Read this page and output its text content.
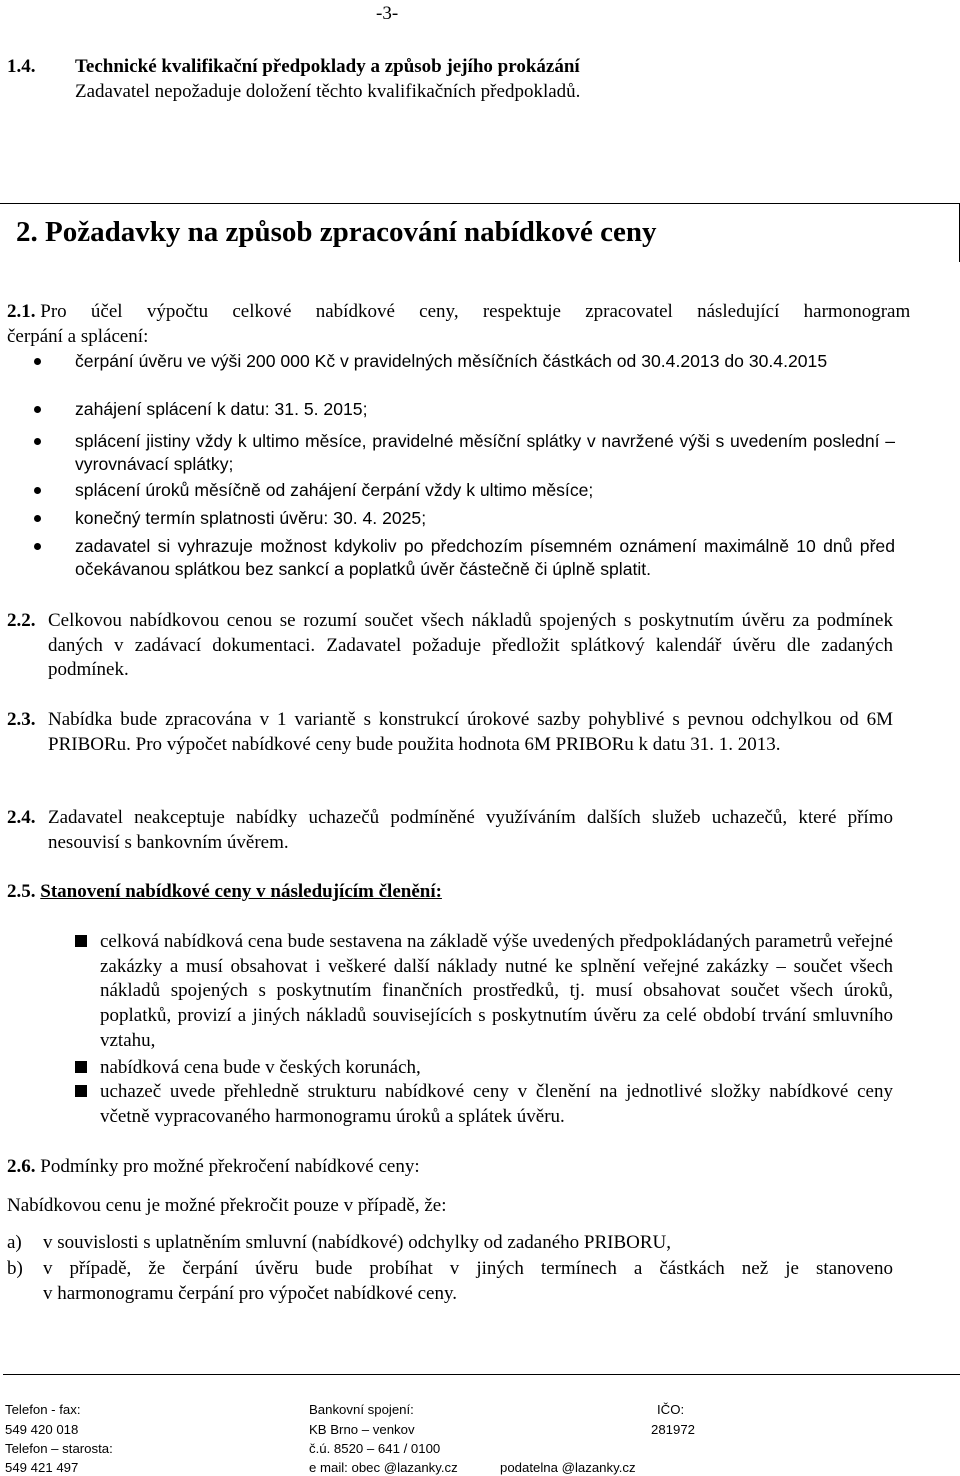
-3-
1.4. Technické kvalifikační předpoklady a způsob jejího prokázání
Zadavatel nepožaduje doložení těchto kvalifikačních předpokladů.
2. Požadavky na způsob zpracování nabídkové ceny
2.1. Pro účel výpočtu celkové nabídkové ceny, respektuje zpracovatel následující harmonogram
čerpání a splácení:
čerpání úvěru ve výši 200 000 Kč v pravidelných měsíčních částkách od 30.4.2013 do 30.4.2015
zahájení splácení k datu: 31. 5. 2015;
splácení jistiny vždy k ultimo měsíce, pravidelné měsíční splátky v navržené výši s uvedením poslední – vyrovnávací splátky;
splácení úroků měsíčně od zahájení čerpání vždy k ultimo měsíce;
konečný termín splatnosti úvěru: 30. 4. 2025;
zadavatel si vyhrazuje možnost kdykoliv po předchozím písemném oznámení maximálně 10 dnů před očekávanou splátkou bez sankcí a poplatků úvěr částečně či úplně splatit.
2.2. Celkovou nabídkovou cenou se rozumí součet všech nákladů spojených s poskytnutím úvěru za podmínek daných v zadávací dokumentaci. Zadavatel požaduje předložit splátkový kalendář úvěru dle zadaných podmínek.
2.3. Nabídka bude zpracována v 1 variantě s konstrukcí úrokové sazby pohyblivé s pevnou odchylkou od 6M PRIBORu. Pro výpočet nabídkové ceny bude použita hodnota 6M PRIBORu k datu 31. 1. 2013.
2.4. Zadavatel neakceptuje nabídky uchazečů podmíněné využíváním dalších služeb uchazečů, které přímo nesouvisí s bankovním úvěrem.
2.5. Stanovení nabídkové ceny v následujícím členění:
celková nabídková cena bude sestavena na základě výše uvedených předpokládaných parametrů veřejné zakázky a musí obsahovat i veškeré další náklady nutné ke splnění veřejné zakázky – součet všech nákladů spojených s poskytnutím finančních prostředků, tj. musí obsahovat součet všech úroků, poplatků, provizí a jiných nákladů souvisejících s poskytnutím úvěru za celé období trvání smluvního vztahu,
nabídková cena bude v českých korunách,
uchazeč uvede přehledně strukturu nabídkové ceny v členění na jednotlivé složky nabídkové ceny včetně vypracovaného harmonogramu úroků a splátek úvěru.
2.6. Podmínky pro možné překročení nabídkové ceny:
Nabídkovou cenu je možné překročit pouze v případě, že:
a) v souvislosti s uplatněním smluvní (nabídkové) odchylky od zadaného PRIBORU,
b) v případě, že čerpání úvěru bude probíhat v jiných termínech a částkách než je stanoveno
v harmonogramu čerpání pro výpočet nabídkové ceny.
Telefon - fax:
549 420 018
Telefon – starosta:
549 421 497
Bankovní spojení:
KB Brno – venkov
č.ú. 8520 – 641 / 0100
e mail: obec @lazanky.cz	podatelna @lazanky.cz
IČO:
281972
